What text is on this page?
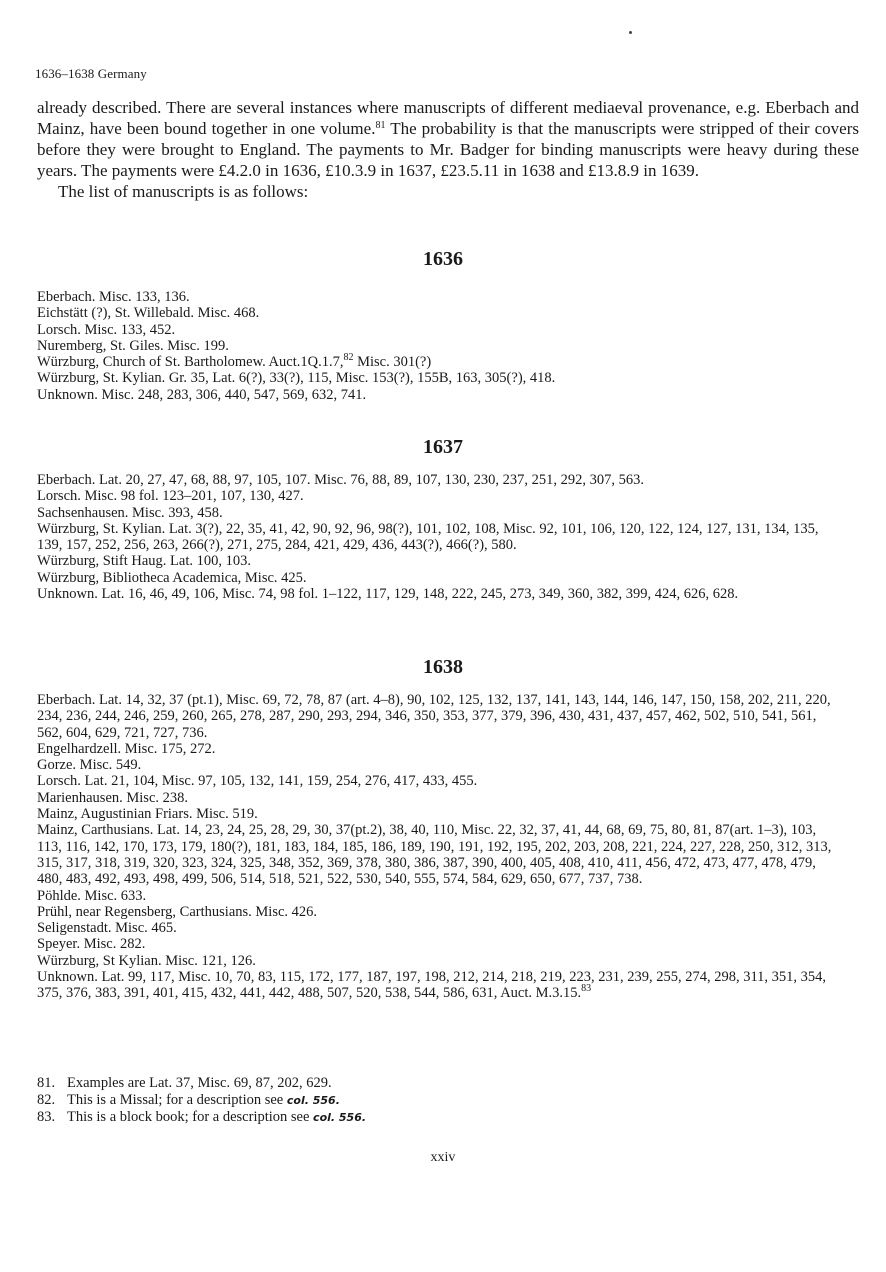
1636–1638 Germany

already described. There are several instances where manuscripts of different mediaeval provenance, e.g. Eberbach and Mainz, have been bound together in one volume.$^{81}$ The probability is that the manuscripts were stripped of their covers before they were brought to England. The payments to Mr. Badger for binding manuscripts were heavy during these years. The payments were £4.2.0 in 1636, £10.3.9 in 1637, £23.5.11 in 1638 and £13.8.9 in 1639.

The list of manuscripts is as follows:

1636

Eberbach. Misc. 133, 136.

Eichstätt (?), St. Willebald. Misc. 468.

Lorsch. Misc. 133, 452.

Nuremberg, St. Giles. Misc. 199.

Würzburg, Church of St. Bartholomew. Auct.1Q.1.7,82 Misc. 301(?)

Würzburg, St. Kylian. Gr. 35, Lat. 6(?), 33(?), 115, Misc. 153(?), 155B, 163, 305(?), 418.

Unknown. Misc. 248, 283, 306, 440, 547, 569, 632, 741.

1637

Eberbach. Lat. 20, 27, 47, 68, 88, 97, 105, 107. Misc. 76, 88, 89, 107, 130, 230, 237, 251, 292, 307, 563.

Lorsch. Misc. 98 fol. 123–201, 107, 130, 427.

Sachsenhausen. Misc. 393, 458.

Würzburg, St. Kylian. Lat. 3(?), 22, 35, 41, 42, 90, 92, 96, 98(?), 101, 102, 108, Misc. 92, 101, 106, 120, 122, 124, 127, 131, 134, 135, 139, 157, 252, 256, 263, 266(?), 271, 275, 284, 421, 429, 436, 443(?), 466(?), 580.

Würzburg, Stift Haug. Lat. 100, 103.

Würzburg, Bibliotheca Academica, Misc. 425.

Unknown. Lat. 16, 46, 49, 106, Misc. 74, 98 fol. 1–122, 117, 129, 148, 222, 245, 273, 349, 360, 382, 399, 424, 626, 628.

1638

Eberbach. Lat. 14, 32, 37 (pt.1), Misc. 69, 72, 78, 87 (art. 4–8), 90, 102, 125, 132, 137, 141, 143, 144, 146, 147, 150, 158, 202, 211, 220, 234, 236, 244, 246, 259, 260, 265, 278, 287, 290, 293, 294, 346, 350, 353, 377, 379, 396, 430, 431, 437, 457, 462, 502, 510, 541, 561, 562, 604, 629, 721, 727, 736.

Engelhardzell. Misc. 175, 272.

Gorze. Misc. 549.

Lorsch. Lat. 21, 104, Misc. 97, 105, 132, 141, 159, 254, 276, 417, 433, 455.

Marienhausen. Misc. 238.

Mainz, Augustinian Friars. Misc. 519.

Mainz, Carthusians. Lat. 14, 23, 24, 25, 28, 29, 30, 37(pt.2), 38, 40, 110, Misc. 22, 32, 37, 41, 44, 68, 69, 75, 80, 81, 87(art. 1–3), 103, 113, 116, 142, 170, 173, 179, 180(?), 181, 183, 184, 185, 186, 189, 190, 191, 192, 195, 202, 203, 208, 221, 224, 227, 228, 250, 312, 313, 315, 317, 318, 319, 320, 323, 324, 325, 348, 352, 369, 378, 380, 386, 387, 390, 400, 405, 408, 410, 411, 456, 472, 473, 477, 478, 479, 480, 483, 492, 493, 498, 499, 506, 514, 518, 521, 522, 530, 540, 555, 574, 584, 629, 650, 677, 737, 738.

Pöhlde. Misc. 633.

Prühl, near Regensberg, Carthusians. Misc. 426.

Seligenstadt. Misc. 465.

Speyer. Misc. 282.

Würzburg, St Kylian. Misc. 121, 126.

Unknown. Lat. 99, 117, Misc. 10, 70, 83, 115, 172, 177, 187, 197, 198, 212, 214, 218, 219, 223, 231, 239, 255, 274, 298, 311, 351, 354, 375, 376, 383, 391, 401, 415, 432, 441, 442, 488, 507, 520, 538, 544, 586, 631, Auct. M.3.15.83

81. Examples are Lat. 37, Misc. 69, 87, 202, 629.

82. This is a Missal; for a description see col. 556.

83. This is a block book; for a description see col. 556.

xxiv
